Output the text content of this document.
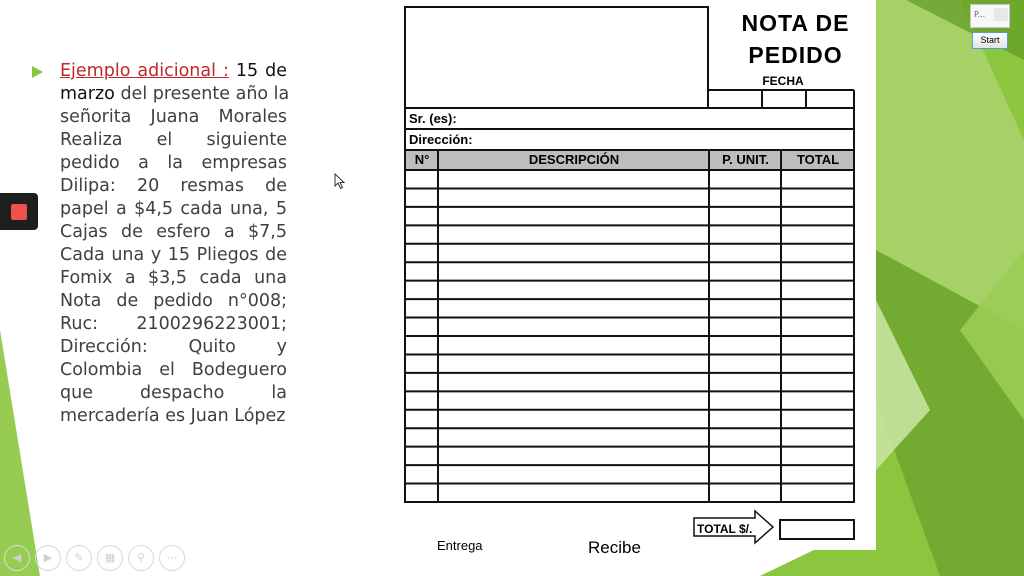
Ejemplo adicional : 15 de
marzo del presente año la
señorita Juana Morales
Realiza el siguiente
pedido a la empresas
Dilipa: 20 resmas de
papel a $4,5 cada una, 5
Cajas de esfero a $7,5
Cada una y 15 Pliegos de
Fomix a $3,5 cada una
Nota de pedido n°008;
Ruc: 2100296223001;
Dirección: Quito y
Colombia el Bodeguero
que despacho la
mercadería es Juan López
NOTA DE
PEDIDO
FECHA
Sr. (es):
Dirección:
N°	DESCRIPCIÓN	P. UNIT.	TOTAL
TOTAL $/.
Entrega	Recibe
◀	▶	✎	▦	⚲	⋯
P...
Start
